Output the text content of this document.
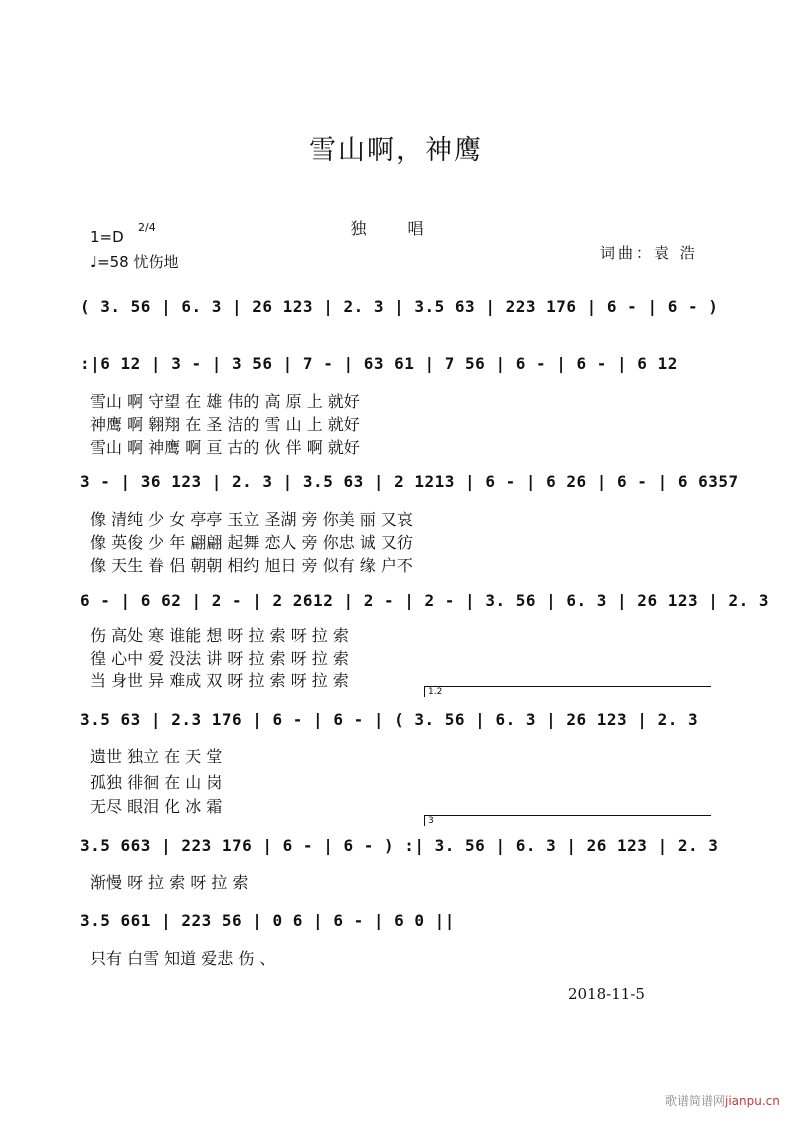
雪山啊，神鹰
独 唱
1=D
2/4
♩=58 忧伤地	词曲：袁 浩
( 3. 56 | 6. 3 | 26 123 | 2. 3 | 3.5 63 | 223 176 | 6 - | 6 - )
:|6 12 | 3 - | 3 56 | 7 - | 63 61 | 7 56 | 6 - | 6 - | 6 12
3 - | 36 123 | 2. 3 | 3.5 63 | 2 1213 | 6 - | 6 26 | 6 - | 6 6357
6 - | 6 62 | 2 - | 2 2612 | 2 - | 2 - | 3. 56 | 6. 3 | 26 123 | 2. 3
3.5 63 | 2.3 176 | 6 - | 6 - | ( 3. 56 | 6. 3 | 26 123 | 2. 3
3.5 663 | 223 176 | 6 - | 6 - ) :| 3. 56 | 6. 3 | 26 123 | 2. 3
3.5 661 | 223 56 | 0 6 | 6 - | 6 0 ||
1.2
3
雪山 啊 守望 在 雄 伟的 高 原 上 就好
神鹰 啊 翱翔 在 圣 洁的 雪 山 上 就好
雪山 啊 神鹰 啊 亘 古的 伙 伴 啊 就好
像 清纯 少 女 亭亭 玉立 圣湖 旁 你美 丽 又哀
像 英俊 少 年 翩翩 起舞 恋人 旁 你忠 诚 又彷
像 天生 眷 侣 朝朝 相约 旭日 旁 似有 缘 户不
伤 高处 寒 谁能 想 呀 拉 索 呀 拉 索
徨 心中 爱 没法 讲 呀 拉 索 呀 拉 索
当 身世 异 难成 双 呀 拉 索 呀 拉 索
遗世 独立 在 天 堂
孤独 徘徊 在 山 岗
无尽 眼泪 化 冰 霜
渐慢 呀 拉 索 呀 拉 索
只有 白雪 知道 爱悲 伤 、
2018-11-5
歌谱简谱网jianpu.cn
